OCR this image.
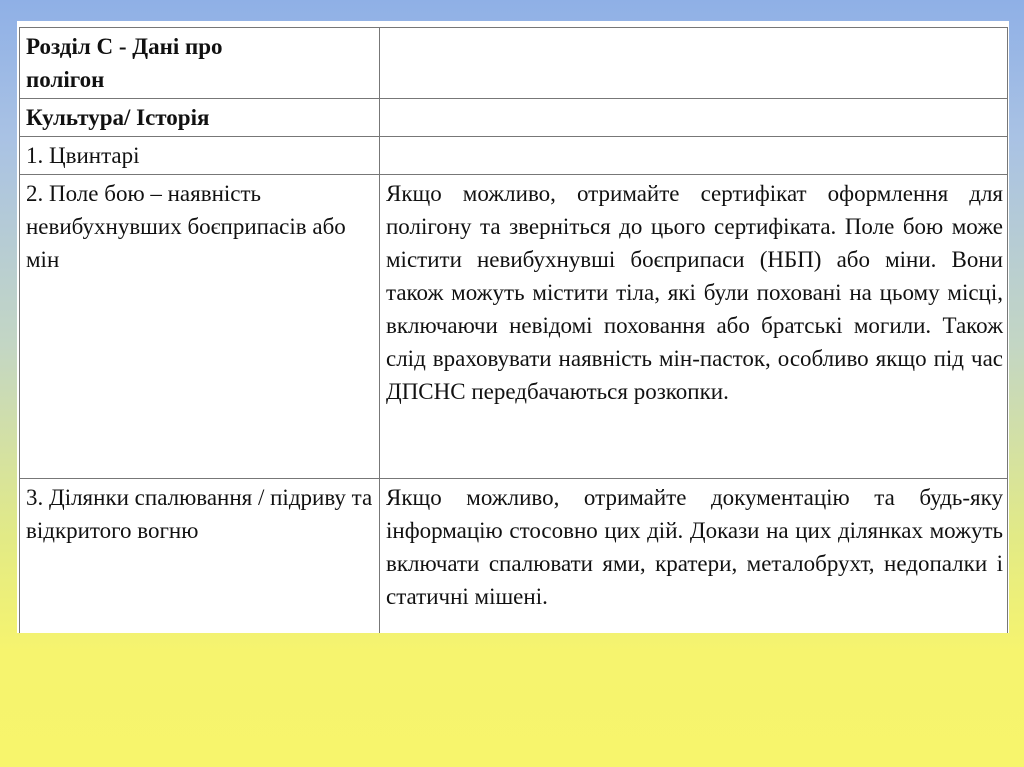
Розділ С - Дані про
полігон	
Культура/ Історія	
1. Цвинтарі	
2. Поле бою – наявність невибухнувших боєприпасів або мін	Якщо можливо, отримайте сертифікат оформлення для полігону та зверніться до цього сертифіката. Поле бою може містити невибухнувші боєприпаси (НБП) або міни. Вони також можуть містити тіла, які були поховані на цьому місці, включаючи невідомі поховання або братські могили. Також слід враховувати наявність мін-пасток, особливо якщо під час ДПСНС передбачаються розкопки.
3. Ділянки спалювання / підриву та відкритого вогню	Якщо можливо, отримайте документацію та будь-яку інформацію стосовно цих дій. Докази на цих ділянках можуть включати спалювати ями, кратери, металобрухт, недопалки і статичні мішені.
